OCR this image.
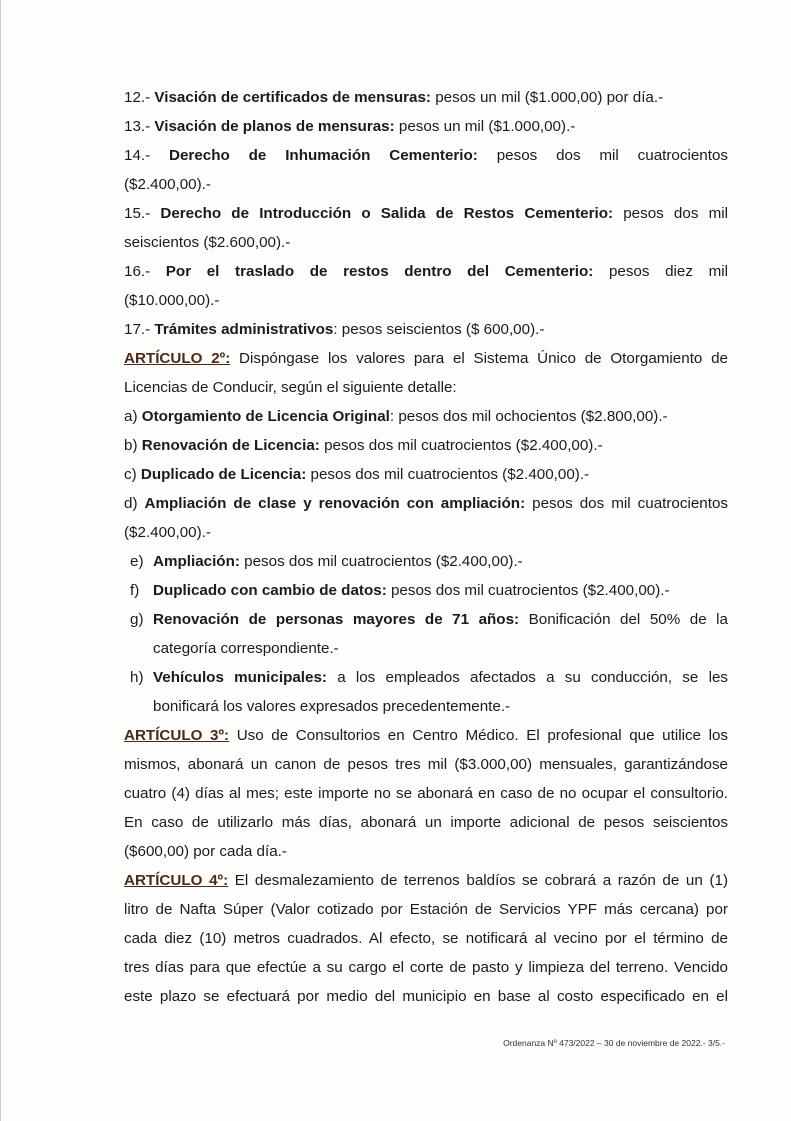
12.- Visación de certificados de mensuras: pesos un mil ($1.000,00) por día.-
13.- Visación de planos de mensuras: pesos un mil ($1.000,00).-
14.- Derecho de Inhumación Cementerio: pesos dos mil cuatrocientos
($2.400,00).-
15.- Derecho de Introducción o Salida de Restos Cementerio: pesos dos mil
seiscientos ($2.600,00).-
16.- Por el traslado de restos dentro del Cementerio: pesos diez mil
($10.000,00).-
17.- Trámites administrativos: pesos seiscientos ($ 600,00).-
ARTÍCULO 2º: Dispóngase los valores para el Sistema Único de Otorgamiento de
Licencias de Conducir, según el siguiente detalle:
a) Otorgamiento de Licencia Original: pesos dos mil ochocientos ($2.800,00).-
b) Renovación de Licencia: pesos dos mil cuatrocientos ($2.400,00).-
c) Duplicado de Licencia: pesos dos mil cuatrocientos ($2.400,00).-
d) Ampliación de clase y renovación con ampliación: pesos dos mil cuatrocientos
($2.400,00).-
e) Ampliación: pesos dos mil cuatrocientos ($2.400,00).-
f) Duplicado con cambio de datos: pesos dos mil cuatrocientos ($2.400,00).-
g) Renovación de personas mayores de 71 años: Bonificación del 50% de la
categoría correspondiente.-
h) Vehículos municipales: a los empleados afectados a su conducción, se les
bonificará los valores expresados precedentemente.-
ARTÍCULO 3º: Uso de Consultorios en Centro Médico. El profesional que utilice los
mismos, abonará un canon de pesos tres mil ($3.000,00) mensuales, garantizándose
cuatro (4) días al mes; este importe no se abonará en caso de no ocupar el consultorio.
En caso de utilizarlo más días, abonará un importe adicional de pesos seiscientos
($600,00) por cada día.-
ARTÍCULO 4º: El desmalezamiento de terrenos baldíos se cobrará a razón de un (1)
litro de Nafta Súper (Valor cotizado por Estación de Servicios YPF más cercana) por
cada diez (10) metros cuadrados. Al efecto, se notificará al vecino por el término de
tres días para que efectúe a su cargo el corte de pasto y limpieza del terreno. Vencido
este plazo se efectuará por medio del municipio en base al costo especificado en el
Ordenanza Nº 473/2022 – 30 de noviembre de 2022.- 3/5.-
